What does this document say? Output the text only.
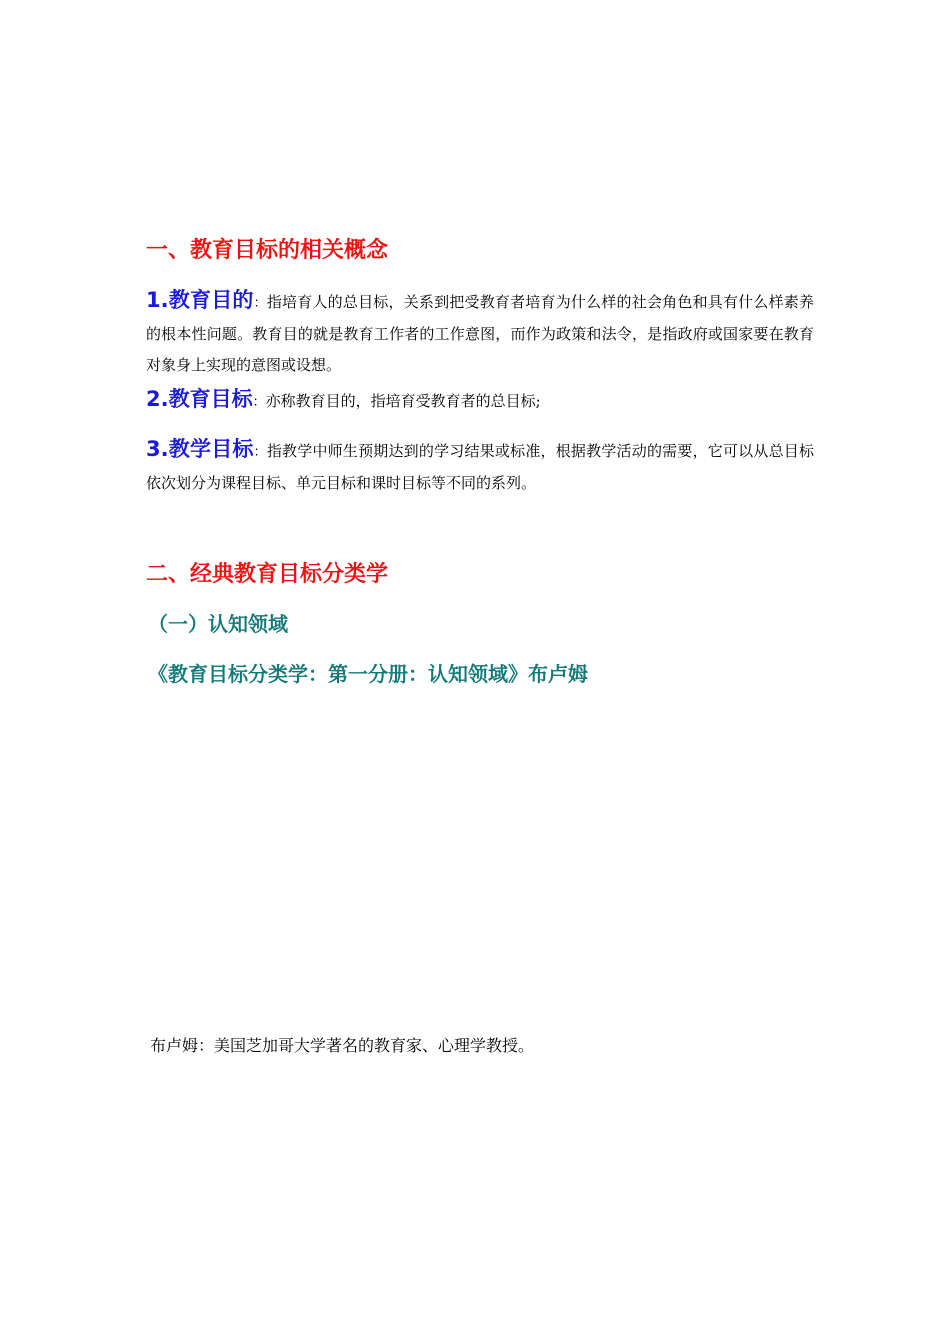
一、教育目标的相关概念
1.教育目的：指培育人的总目标，关系到把受教育者培育为什么样的社会角色和具有什么样素养的根本性问题。教育目的就是教育工作者的工作意图，而作为政策和法令，是指政府或国家要在教育对象身上实现的意图或设想。
2.教育目标：亦称教育目的，指培育受教育者的总目标;
3.教学目标：指教学中师生预期达到的学习结果或标准，根据教学活动的需要，它可以从总目标依次划分为课程目标、单元目标和课时目标等不同的系列。
二、经典教育目标分类学
（一）认知领域
《教育目标分类学：第一分册：认知领域》布卢姆
布卢姆：美国芝加哥大学著名的教育家、心理学教授。
